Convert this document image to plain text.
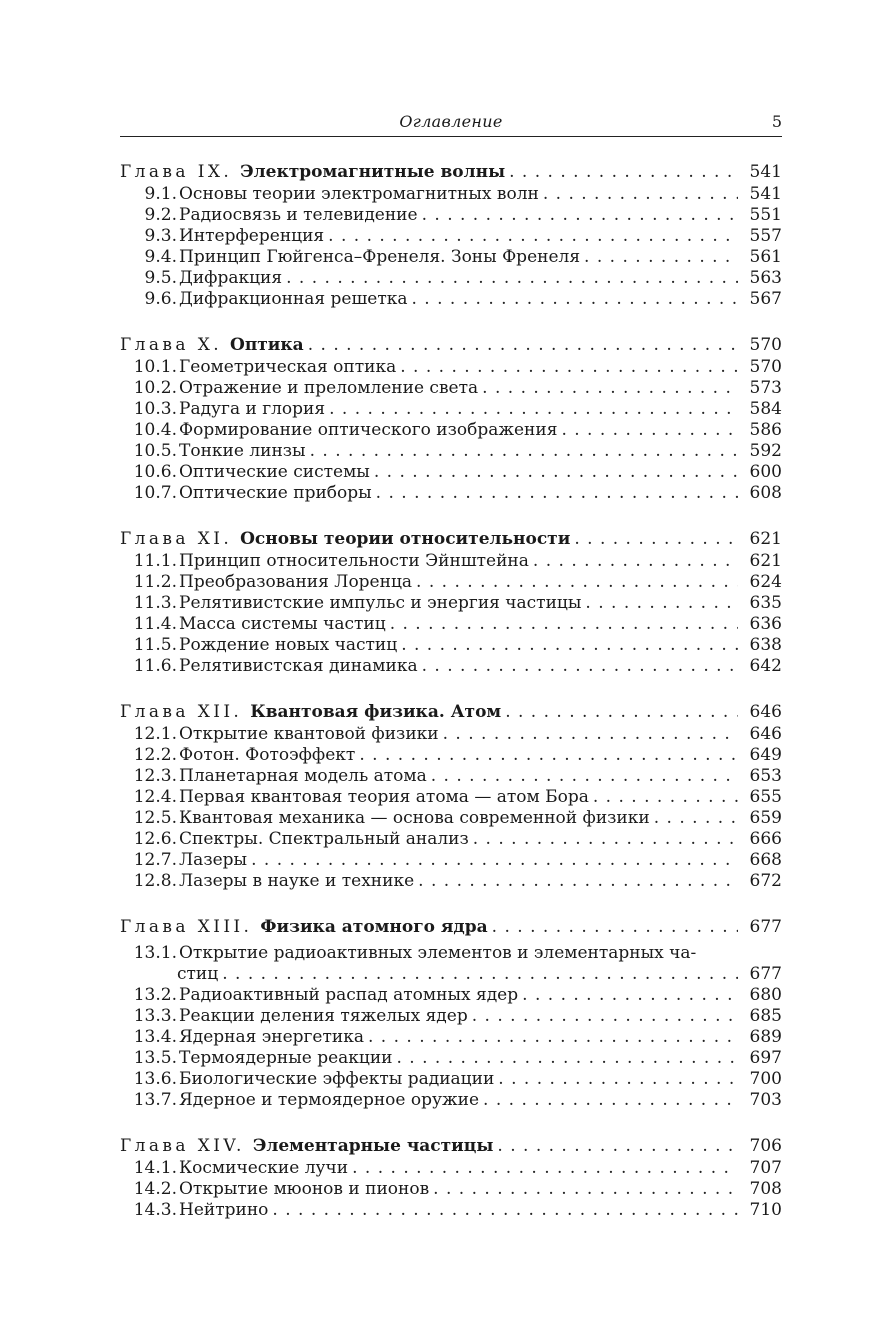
Оглавление	5
Глава IX. Электромагнитные волны . . .	541
9.1. Основы теории электромагнитных волн . . .	541
9.2. Радиосвязь и телевидение . . .	551
9.3. Интерференция . . .	557
9.4. Принцип Гюйгенса–Френеля. Зоны Френеля . . .	561
9.5. Дифракция . . .	563
9.6. Дифракционная решетка . . .	567
Глава X. Оптика . . .	570
10.1. Геометрическая оптика . . .	570
10.2. Отражение и преломление света . . .	573
10.3. Радуга и глория . . .	584
10.4. Формирование оптического изображения . . .	586
10.5. Тонкие линзы . . .	592
10.6. Оптические системы . . .	600
10.7. Оптические приборы . . .	608
Глава XI. Основы теории относительности . . .	621
11.1. Принцип относительности Эйнштейна . . .	621
11.2. Преобразования Лоренца . . .	624
11.3. Релятивистские импульс и энергия частицы . . .	635
11.4. Масса системы частиц . . .	636
11.5. Рождение новых частиц . . .	638
11.6. Релятивистская динамика . . .	642
Глава XII. Квантовая физика. Атом . . .	646
12.1. Открытие квантовой физики . . .	646
12.2. Фотон. Фотоэффект . . .	649
12.3. Планетарная модель атома . . .	653
12.4. Первая квантовая теория атома — атом Бора . . .	655
12.5. Квантовая механика — основа современной физики . . .	659
12.6. Спектры. Спектральный анализ . . .	666
12.7. Лазеры . . .	668
12.8. Лазеры в науке и технике . . .	672
Глава XIII. Физика атомного ядра . . .	677
13.1. Открытие радиоактивных элементов и элементарных ча-
стиц . . .	677
13.2. Радиоактивный распад атомных ядер . . .	680
13.3. Реакции деления тяжелых ядер . . .	685
13.4. Ядерная энергетика . . .	689
13.5. Термоядерные реакции . . .	697
13.6. Биологические эффекты радиации . . .	700
13.7. Ядерное и термоядерное оружие . . .	703
Глава XIV. Элементарные частицы . . .	706
14.1. Космические лучи . . .	707
14.2. Открытие мюонов и пионов . . .	708
14.3. Нейтрино . . .	710
